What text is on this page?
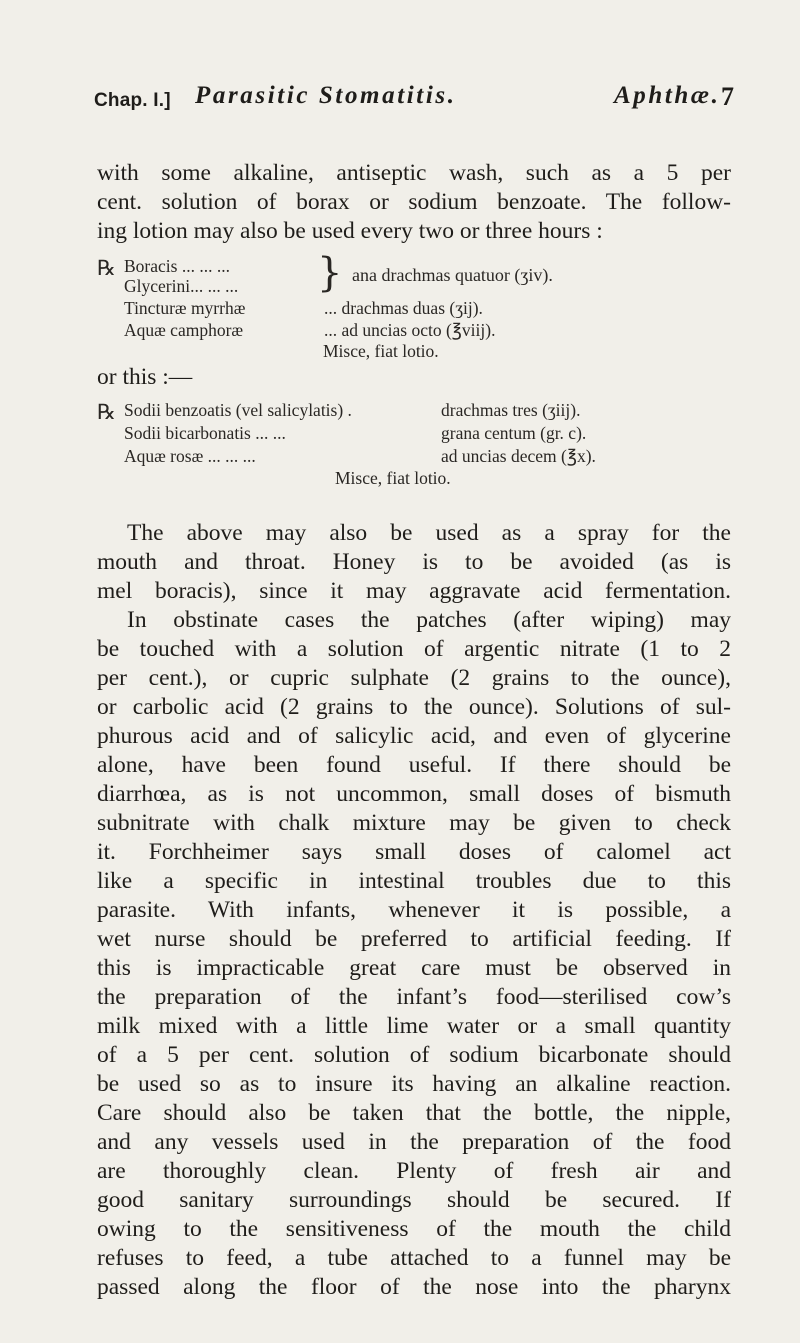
Chap. I.] Parasitic Stomatitis.	Aphthæ. 7
with some alkaline, antiseptic wash, such as a 5 per
cent. solution of borax or sodium benzoate. The follow-
ing lotion may also be used every two or three hours :
℞ Boracis ... ... ...
Glycerini... ... ... } ana drachmas quatuor (ʒiv).
Tincturæ myrrhæ	... drachmas duas (ʒij).
Aquæ camphoræ	... ad uncias octo (℥viij).
Misce, fiat lotio.
or this :—
℞ Sodii benzoatis (vel salicylatis) .	drachmas tres (ʒiij).
Sodii bicarbonatis ... ...	grana centum (gr. c).
Aquæ rosæ ... ... ...	ad uncias decem (℥x).
Misce, fiat lotio.
The above may also be used as a spray for the
mouth and throat. Honey is to be avoided (as is
mel boracis), since it may aggravate acid fermentation.
In obstinate cases the patches (after wiping) may
be touched with a solution of argentic nitrate (1 to 2
per cent.), or cupric sulphate (2 grains to the ounce),
or carbolic acid (2 grains to the ounce). Solutions of sul-
phurous acid and of salicylic acid, and even of glycerine
alone, have been found useful. If there should be
diarrhœa, as is not uncommon, small doses of bismuth
subnitrate with chalk mixture may be given to check
it. Forchheimer says small doses of calomel act
like a specific in intestinal troubles due to this
parasite. With infants, whenever it is possible, a
wet nurse should be preferred to artificial feeding. If
this is impracticable great care must be observed in
the preparation of the infant’s food—sterilised cow’s
milk mixed with a little lime water or a small quantity
of a 5 per cent. solution of sodium bicarbonate should
be used so as to insure its having an alkaline reaction.
Care should also be taken that the bottle, the nipple,
and any vessels used in the preparation of the food
are thoroughly clean. Plenty of fresh air and
good sanitary surroundings should be secured. If
owing to the sensitiveness of the mouth the child
refuses to feed, a tube attached to a funnel may be
passed along the floor of the nose into the pharynx
